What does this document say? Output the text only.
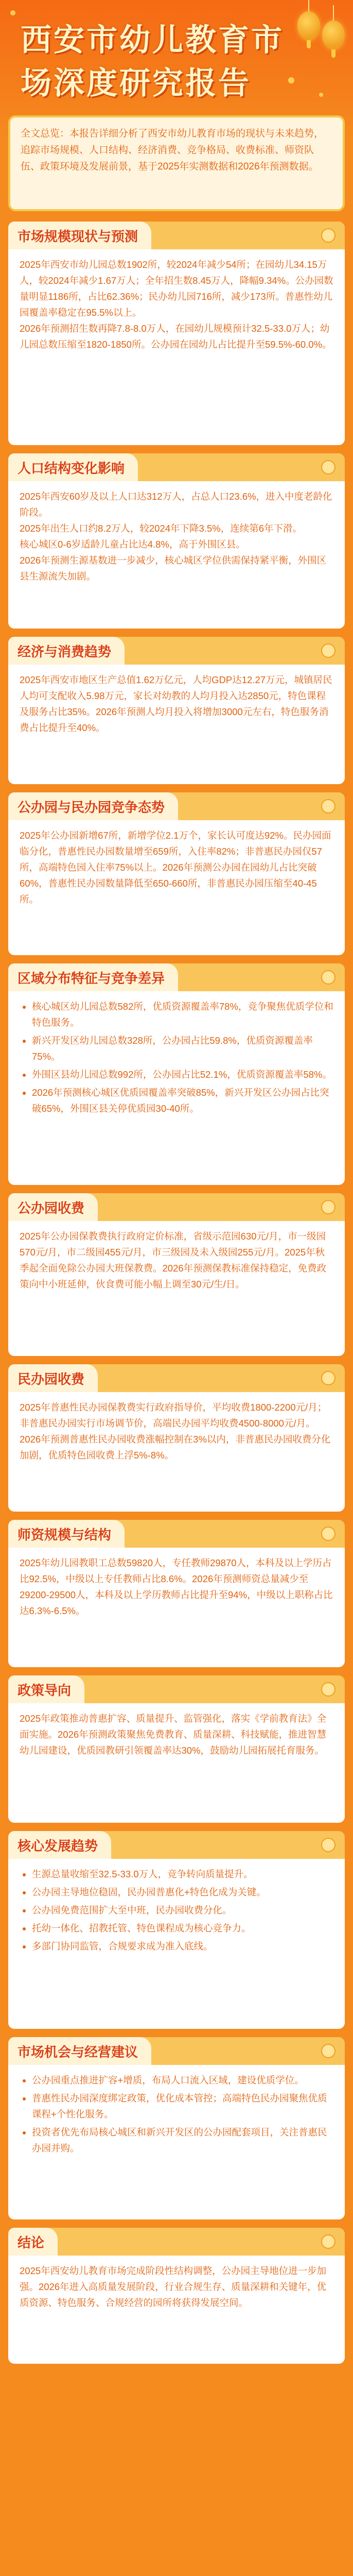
西安市幼儿教育市场深度研究报告
全文总览：本报告详细分析了西安市幼儿教育市场的现状与未来趋势，追踪市场规模、人口结构、经济消费、竞争格局、收费标准、师资队伍、政策环境及发展前景，基于2025年实测数据和2026年预测数据。
市场规模现状与预测

2025年西安市幼儿园总数1902所，较2024年减少54所；在园幼儿34.15万人，较2024年减少1.67万人；全年招生数8.45万人，降幅9.34%。公办园数量明显1186所，占比62.36%；民办幼儿园716所，减少173所。普惠性幼儿园覆盖率稳定在95.5%以上。

2026年预测招生数再降7.8-8.0万人，在园幼儿规模预计32.5-33.0万人；幼儿园总数压缩至1820-1850所。公办园在园幼儿占比提升至59.5%-60.0%。

人口结构变化影响

2025年西安60岁及以上人口达312万人，占总人口23.6%，进入中度老龄化阶段。

2025年出生人口约8.2万人，较2024年下降3.5%，连续第6年下滑。

核心城区0-6岁适龄儿童占比达4.8%，高于外围区县。

2026年预测生源基数进一步减少，核心城区学位供需保持紧平衡，外围区县生源流失加剧。

经济与消费趋势

2025年西安市地区生产总值1.62万亿元，人均GDP达12.27万元，城镇居民人均可支配收入5.98万元，家长对幼教的人均月投入达2850元，特色课程及服务占比35%。2026年预测人均月投入将增加3000元左右，特色服务消费占比提升至40%。

公办园与民办园竞争态势

2025年公办园新增67所，新增学位2.1万个，家长认可度达92%。民办园面临分化，普惠性民办园数量增至659所，入住率82%；非普惠民办园仅57所，高端特色园入住率75%以上。2026年预测公办园在园幼儿占比突破60%，普惠性民办园数量降低至650-660所，非普惠民办园压缩至40-45所。

区域分布特征与竞争差异
• 核心城区幼儿园总数582所，优质资源覆盖率78%，竞争聚焦优质学位和特色服务。
• 新兴开发区幼儿园总数328所，公办园占比59.8%，优质资源覆盖率75%。
• 外围区县幼儿园总数992所，公办园占比52.1%，优质资源覆盖率58%。
• 2026年预测核心城区优质园覆盖率突破85%，新兴开发区公办园占比突破65%，外围区县关停优质园30-40所。
公办园收费

2025年公办园保教费执行政府定价标准，省级示范园630元/月，市一级园570元/月，市二级园455元/月，市三级园及未入级园255元/月。2025年秋季起全面免除公办园大班保教费。2026年预测保教标准保持稳定，免费政策向中小班延伸，伙食费可能小幅上调至30元/生/日。

民办园收费

2025年普惠性民办园保教费实行政府指导价，平均收费1800-2200元/月；非普惠民办园实行市场调节价，高端民办园平均收费4500-8000元/月。2026年预测普惠性民办园收费涨幅控制在3%以内，非普惠民办园收费分化加剧，优质特色园收费上浮5%-8%。

师资规模与结构

2025年幼儿园教职工总数59820人，专任教师29870人，本科及以上学历占比92.5%，中级以上专任教师占比8.6%。2026年预测师资总量减少至29200-29500人，本科及以上学历教师占比提升至94%，中级以上职称占比达6.3%-6.5%。

政策导向

2025年政策推动普惠扩容、质量提升、监管强化，落实《学前教育法》全面实施。2026年预测政策聚焦免费教育、质量深耕、科技赋能，推进智慧幼儿园建设，优质园教研引领覆盖率达30%，鼓励幼儿园拓展托育服务。

核心发展趋势
• 生源总量收缩至32.5-33.0万人，竞争转向质量提升。
• 公办园主导地位稳固，民办园普惠化+特色化成为关键。
• 公办园免费范围扩大至中班，民办园收费分化。
• 托幼一体化、招教托管、特色课程成为核心竞争力。
• 多部门协同监管，合规要求成为准入底线。
市场机会与经营建议
• 公办园重点推进扩容+增质，布局人口流入区域，建设优质学位。
• 普惠性民办园深度绑定政策，优化成本管控；高端特色民办园聚焦优质课程+个性化服务。
• 投资者优先布局核心城区和新兴开发区的公办园配套项目，关注普惠民办园并购。
结论

2025年西安幼儿教育市场完成阶段性结构调整，公办园主导地位进一步加强。2026年进入高质量发展阶段，行业合规生存、质量深耕和关键年，优质资源、特色服务、合规经营的园所将获得发展空间。
